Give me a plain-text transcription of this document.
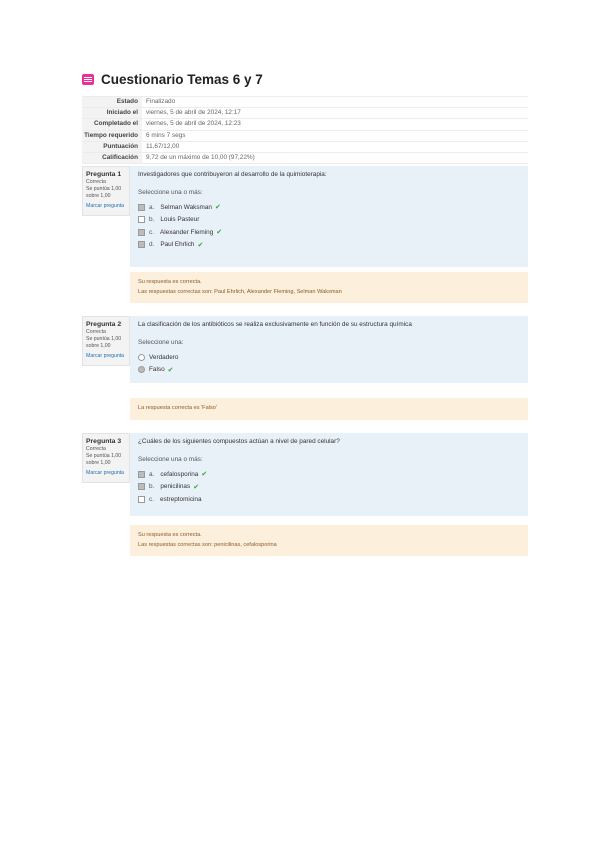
Cuestionario Temas 6 y 7
Estado	Finalizado
Iniciado el	viernes, 5 de abril de 2024, 12:17
Completado el	viernes, 5 de abril de 2024, 12:23
Tiempo requerido	6 mins 7 segs
Puntuación	11,67/12,00
Calificación	9,72 de un máximo de 10,00 (97,22%)
Pregunta 1
Correcta
Se puntúa 1,00 sobre 1,00
Marcar pregunta
Investigadores que contribuyeron al desarrollo de la quimioterapia:
Seleccione una o más:
a. Selman Waksman ✔
b. Louis Pasteur
c. Alexander Fleming ✔
d. Paul Ehrlich ✔
Su respuesta es correcta.
Las respuestas correctas son: Paul Ehrlich, Alexander Fleming, Selman Waksman
Pregunta 2
Correcta
Se puntúa 1,00 sobre 1,00
Marcar pregunta
La clasificación de los antibióticos se realiza exclusivamente en función de su estructura química
Seleccione una:
Verdadero
Falso ✔
La respuesta correcta es 'Falso'
Pregunta 3
Correcta
Se puntúa 1,00 sobre 1,00
Marcar pregunta
¿Cuáles de los siguientes compuestos actúan a nivel de pared celular?
Seleccione una o más:
a. cefalosporina ✔
b. penicilinas ✔
c. estreptomicina
Su respuesta es correcta.
Las respuestas correctas son: penicilinas, cefalosporina
